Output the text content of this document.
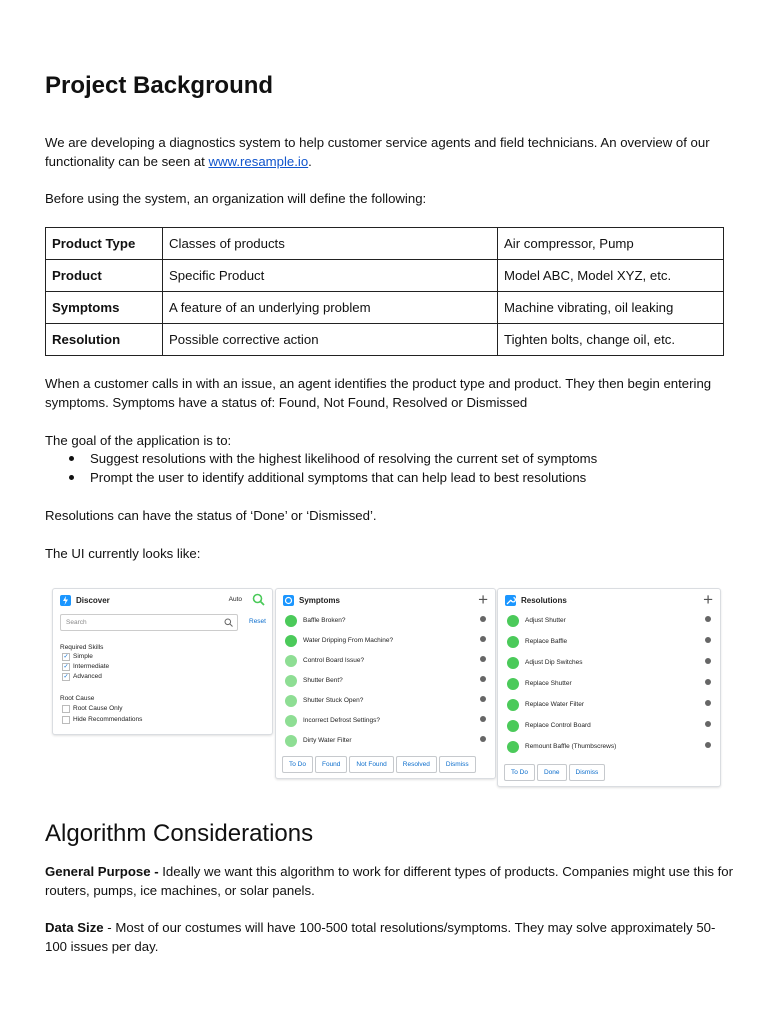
Project Background

We are developing a diagnostics system to help customer service agents and field technicians. An overview of our functionality can be seen at www.resample.io.

Before using the system, an organization will define the following:

Product Type	Classes of products	Air compressor, Pump
Product	Specific Product	Model ABC, Model XYZ, etc.
Symptoms	A feature of an underlying problem	Machine vibrating, oil leaking
Resolution	Possible corrective action	Tighten bolts, change oil, etc.

When a customer calls in with an issue, an agent identifies the product type and product. They then begin entering symptoms. Symptoms have a status of: Found, Not Found, Resolved or Dismissed

The goal of the application is to:

Suggest resolutions with the highest likelihood of resolving the current set of symptoms
Prompt the user to identify additional symptoms that can help lead to best resolutions

Resolutions can have the status of ‘Done’ or ‘Dismissed’.

The UI currently looks like:

Discover	Auto
Search	Reset
Required Skills
✓ Simple
✓ Intermediate
✓ Advanced
Root Cause
Root Cause Only
Hide Recommendations
Symptoms	+
Baffle Broken?
Water Dripping From Machine?
Control Board Issue?
Shutter Bent?
Shutter Stuck Open?
Incorrect Defrost Settings?
Dirty Water Filter
To Do	Found	Not Found	Resolved	Dismiss
Resolutions	+
Adjust Shutter
Replace Baffle
Adjust Dip Switches
Replace Shutter
Replace Water Filter
Replace Control Board
Remount Baffle (Thumbscrews)
To Do	Done	Dismiss
Algorithm Considerations

General Purpose - Ideally we want this algorithm to work for different types of products. Companies might use this for routers, pumps, ice machines, or solar panels.

Data Size - Most of our costumes will have 100-500 total resolutions/symptoms. They may solve approximately 50-100 issues per day.
